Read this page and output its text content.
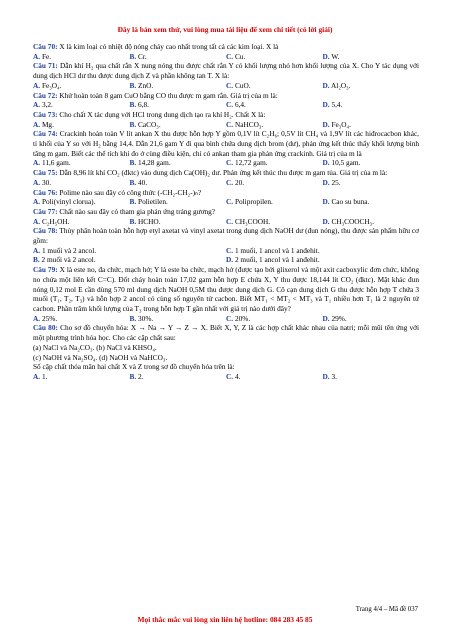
Đây là bản xem thử, vui lòng mua tài liệu để xem chi tiết (có lời giải)

Câu 70: X là kim loại có nhiệt độ nóng chảy cao nhất trong tất cả các kim loại. X là

A. Fe.	B. Cr.	C. Cu.	D. W.

Câu 71: Dẫn khí H₂ qua chất rắn X nung nóng thu được chất rắn Y có khối lượng nhỏ hơn khối lượng của X. Cho Y tác dụng với dung dịch HCl dư thu được dung dịch Z và phần không tan T. X là:

A. Fe₃O₄.	B. ZnO.	C. CuO.	D. Al₂O₃.

Câu 72: Khử hoàn toàn 8 gam CuO bằng CO thu được m gam rắn. Giá trị của m là:

A. 3,2.	B. 6,8.	C. 6,4.	D. 5,4.

Câu 73: Cho chất X tác dụng với HCl trong dung dịch tạo ra khí H₂. Chất X là:

A. Mg.	B. CaCO₃.	C. NaHCO₃.	D. Fe₃O₄.

Câu 74: Crackinh hoàn toàn V lít ankan X thu được hỗn hợp Y gồm 0,1V lít C₂H₆; 0,5V lít CH₄ và 1,9V lít các hiđrocacbon khác, tỉ khối của Y so với H₂ bằng 14,4. Dẫn 21,6 gam Y đi qua bình chứa dung dịch brom (dư), phản ứng kết thúc thấy khối lượng bình tăng m gam. Biết các thể tích khí đo ở cùng điều kiện, chỉ có ankan tham gia phản ứng crackinh. Giá trị của m là

A. 11,6 gam.	B. 14,28 gam.	C. 12,72 gam.	D. 10,5 gam.

Câu 75: Dẫn 8,96 lít khí CO₂ (đktc) vào dung dịch Ca(OH)₂ dư. Phản ứng kết thúc thu được m gam tủa. Giá trị của m là:

A. 30.	B. 40.	C. 20.	D. 25.

Câu 76: Polime nào sau đây có công thức (-CH₂-CH₂-)ₙ?

A. Poli(vinyl clorua).	B. Polietilen.	C. Polipropilen.	D. Cao su buna.

Câu 77: Chất nào sau đây có tham gia phản ứng tráng gương?

A. C₂H₅OH.	B. HCHO.	C. CH₃COOH.	D. CH₃COOCH₃.

Câu 78: Thủy phân hoàn toàn hỗn hợp etyl axetat và vinyl axetat trong dung dịch NaOH dư (đun nóng), thu được sản phẩm hữu cơ gồm:

A. 1 muối và 2 ancol.	C. 1 muối, 1 ancol và 1 anđehit.
B. 2 muối và 2 ancol.	D. 2 muối, 1 ancol và 1 anđehit.

Câu 79: X là este no, đa chức, mạch hở; Y là este ba chức, mạch hở (được tạo bởi glixerol và một axit cacboxylic đơn chức, không no chứa một liên kết C=C). Đốt cháy hoàn toàn 17,02 gam hỗn hợp E chứa X, Y thu được 18,144 lít CO₂ (đktc). Mặt khác đun nóng 0,12 mol E cần dùng 570 ml dung dịch NaOH 0,5M thu được dung dịch G. Cô cạn dung dịch G thu được hỗn hợp T chứa 3 muối (T₁, T₂, T₃) và hỗn hợp 2 ancol có cùng số nguyên tử cacbon. Biết MT₁ < MT₂ < MT₃ và T₁ nhiều hơn T₁ là 2 nguyên tử cacbon. Phần trăm khối lượng của T₃ trong hỗn hợp T gần nhất với giá trị nào dưới đây?

A. 25%.	B. 30%.	C. 20%.	D. 29%.

Câu 80: Cho sơ đồ chuyển hóa: X → Na → Y → Z → X. Biết X, Y, Z là các hợp chất khác nhau của natri; mỗi mũi tên ứng với một phương trình hóa học. Cho các cặp chất sau:

(a) NaCl và Na₂CO₃. (b) NaCl và KHSO₄.

(c) NaOH và Na₂SO₄. (d) NaOH và NaHCO₃.

Số cặp chất thỏa mãn hai chất X và Z trong sơ đồ chuyển hóa trên là:

A. 1.	B. 2.	C. 4.	D. 3.
Trang 4/4 – Mã đề 037
Mọi thắc mắc vui lòng xin liên hệ hotline: 084 283 45 85
